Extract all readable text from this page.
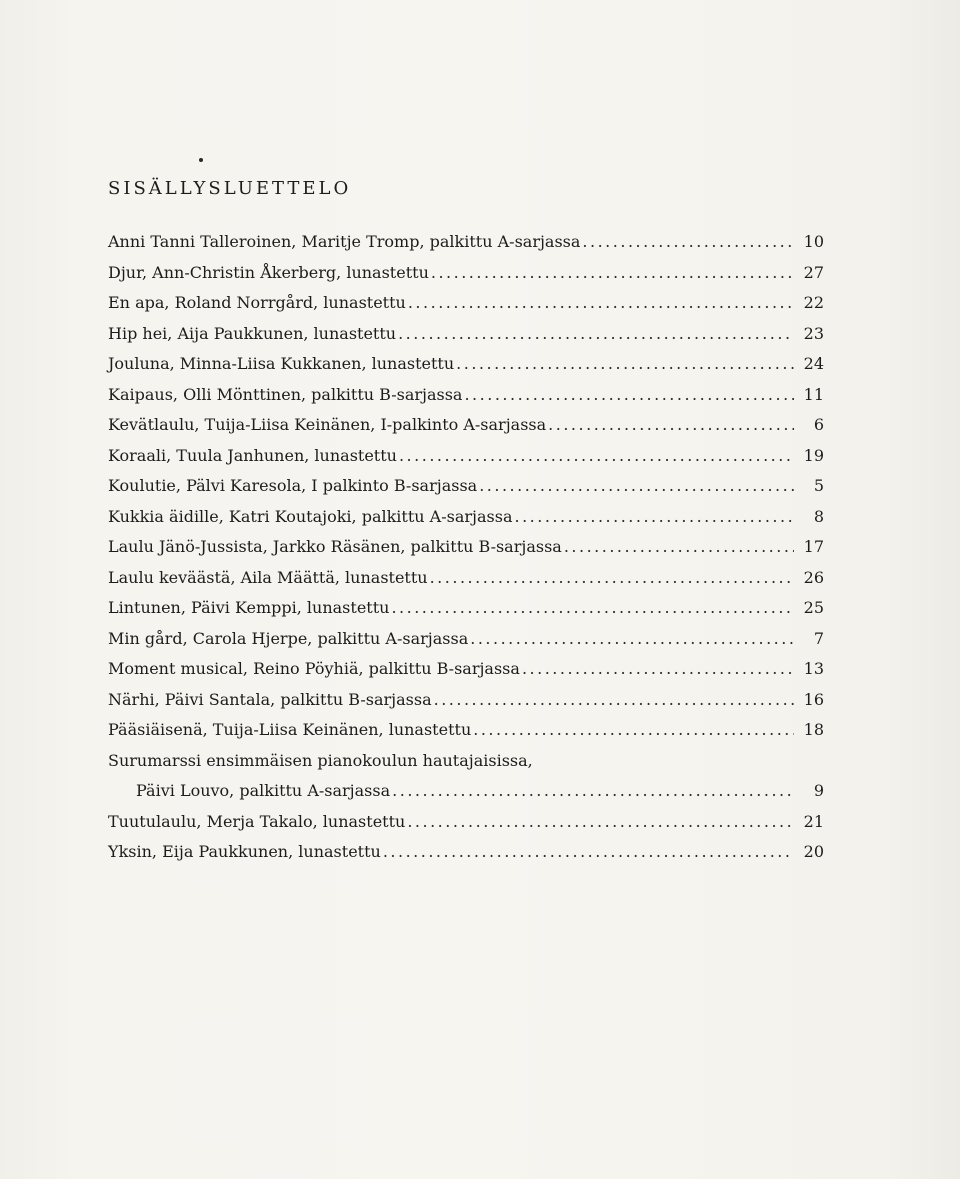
SISÄLLYSLUETTELO
Anni Tanni Talleroinen, Maritje Tromp, palkittu A-sarjassa .....	10
Djur, Ann-Christin Åkerberg, lunastettu .....	27
En apa, Roland Norrgård, lunastettu .....	22
Hip hei, Aija Paukkunen, lunastettu .....	23
Jouluna, Minna-Liisa Kukkanen, lunastettu .....	24
Kaipaus, Olli Mönttinen, palkittu B-sarjassa .....	11
Kevätlaulu, Tuija-Liisa Keinänen, I-palkinto A-sarjassa .....	6
Koraali, Tuula Janhunen, lunastettu .....	19
Koulutie, Pälvi Karesola, I palkinto B-sarjassa .....	5
Kukkia äidille, Katri Koutajoki, palkittu A-sarjassa .....	8
Laulu Jänö-Jussista, Jarkko Räsänen, palkittu B-sarjassa .....	17
Laulu keväästä, Aila Määttä, lunastettu .....	26
Lintunen, Päivi Kemppi, lunastettu .....	25
Min gård, Carola Hjerpe, palkittu A-sarjassa .....	7
Moment musical, Reino Pöyhiä, palkittu B-sarjassa .....	13
Närhi, Päivi Santala, palkittu B-sarjassa .....	16
Pääsiäisenä, Tuija-Liisa Keinänen, lunastettu .....	18
Surumarssi ensimmäisen pianokoulun hautajaisissa,
Päivi Louvo, palkittu A-sarjassa .....	9
Tuutulaulu, Merja Takalo, lunastettu .....	21
Yksin, Eija Paukkunen, lunastettu .....	20
